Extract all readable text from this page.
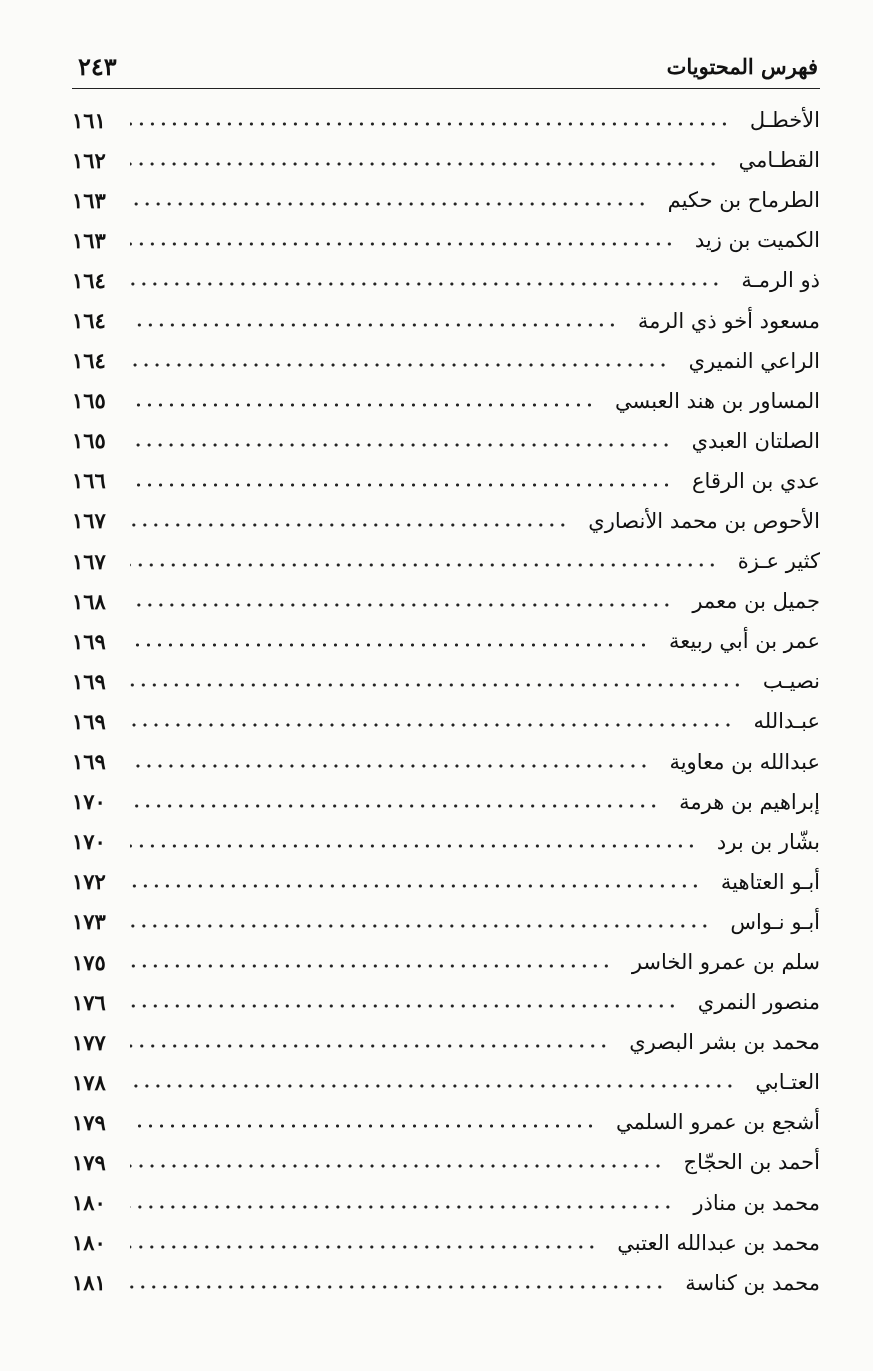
فهرس المحتويات
٢٤٣
الأخطـل
١٦١
القطـامي
١٦٢
الطرماح بن حكيم
١٦٣
الكميت بن زيد
١٦٣
ذو الرمـة
١٦٤
مسعود أخو ذي الرمة
١٦٤
الراعي النميري
١٦٤
المساور بن هند العبسي
١٦٥
الصلتان العبدي
١٦٥
عدي بن الرقاع
١٦٦
الأحوص بن محمد الأنصاري
١٦٧
كثير عـزة
١٦٧
جميل بن معمر
١٦٨
عمر بن أبي ربيعة
١٦٩
نصيـب
١٦٩
عبـدالله
١٦٩
عبدالله بن معاوية
١٦٩
إبراهيم بن هرمة
١٧٠
بشّار بن برد
١٧٠
أبـو العتاهية
١٧٢
أبـو نـواس
١٧٣
سلم بن عمرو الخاسر
١٧٥
منصور النمري
١٧٦
محمد بن بشر البصري
١٧٧
العتـابي
١٧٨
أشجع بن عمرو السلمي
١٧٩
أحمد بن الحجّاج
١٧٩
محمد بن مناذر
١٨٠
محمد بن عبدالله العتبي
١٨٠
محمد بن كناسة
١٨١
